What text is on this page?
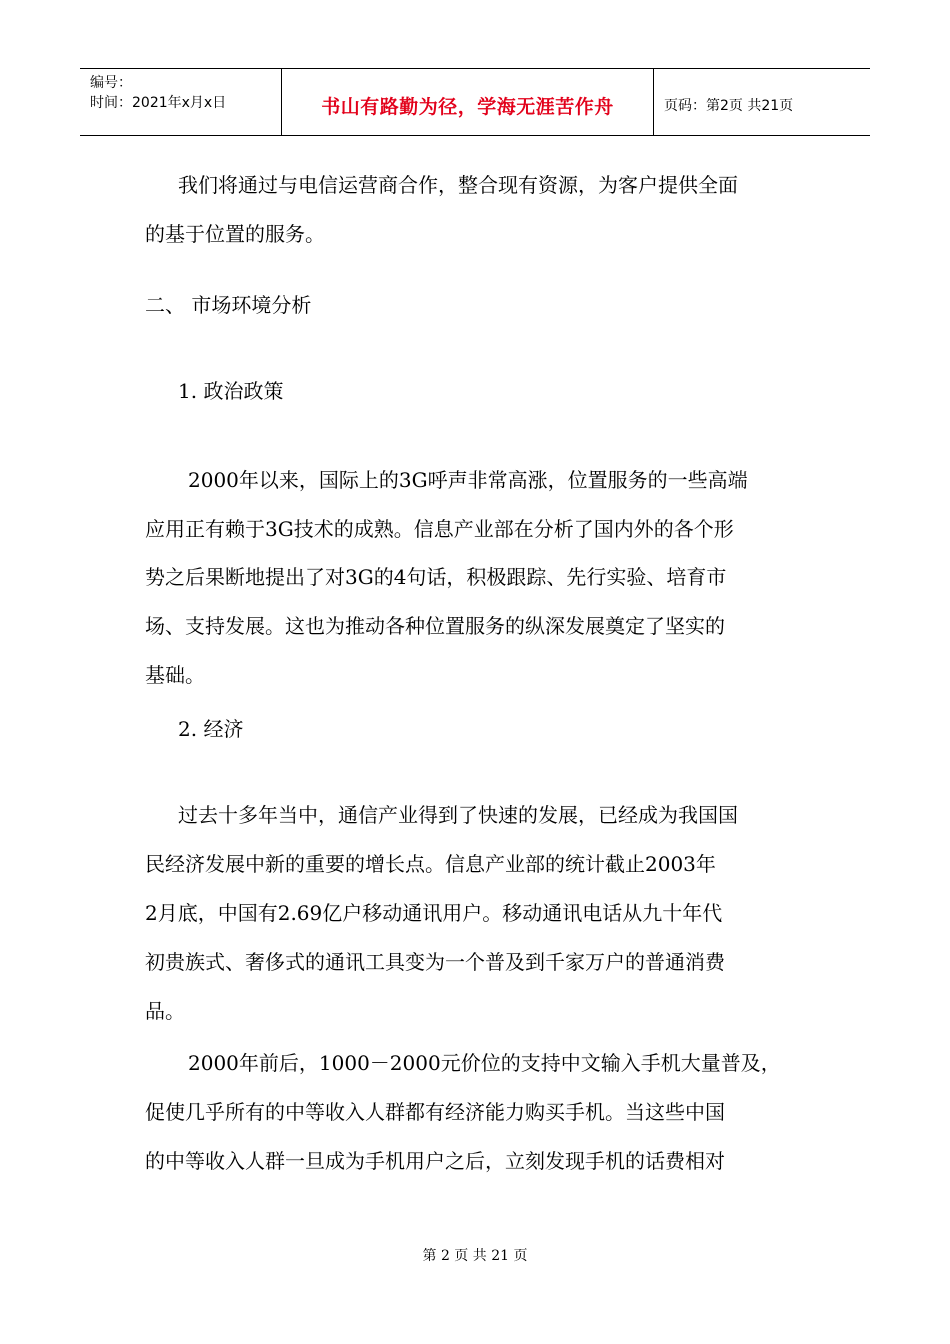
编号：
时间：2021年x月x日	书山有路勤为径，学海无涯苦作舟	页码：第2页 共21页
我们将通过与电信运营商合作，整合现有资源，为客户提供全面
的基于位置的服务。
二、 市场环境分析
1. 政治政策
2000年以来，国际上的3G呼声非常高涨，位置服务的一些高端
应用正有赖于3G技术的成熟。信息产业部在分析了国内外的各个形
势之后果断地提出了对3G的4句话，积极跟踪、先行实验、培育市
场、支持发展。这也为推动各种位置服务的纵深发展奠定了坚实的
基础。
2. 经济
过去十多年当中，通信产业得到了快速的发展，已经成为我国国
民经济发展中新的重要的增长点。信息产业部的统计截止2003年
2月底，中国有2.69亿户移动通讯用户。移动通讯电话从九十年代
初贵族式、奢侈式的通讯工具变为一个普及到千家万户的普通消费
品。
2000年前后，1000－2000元价位的支持中文输入手机大量普及，
促使几乎所有的中等收入人群都有经济能力购买手机。当这些中国
的中等收入人群一旦成为手机用户之后，立刻发现手机的话费相对
第 2 页 共 21 页
